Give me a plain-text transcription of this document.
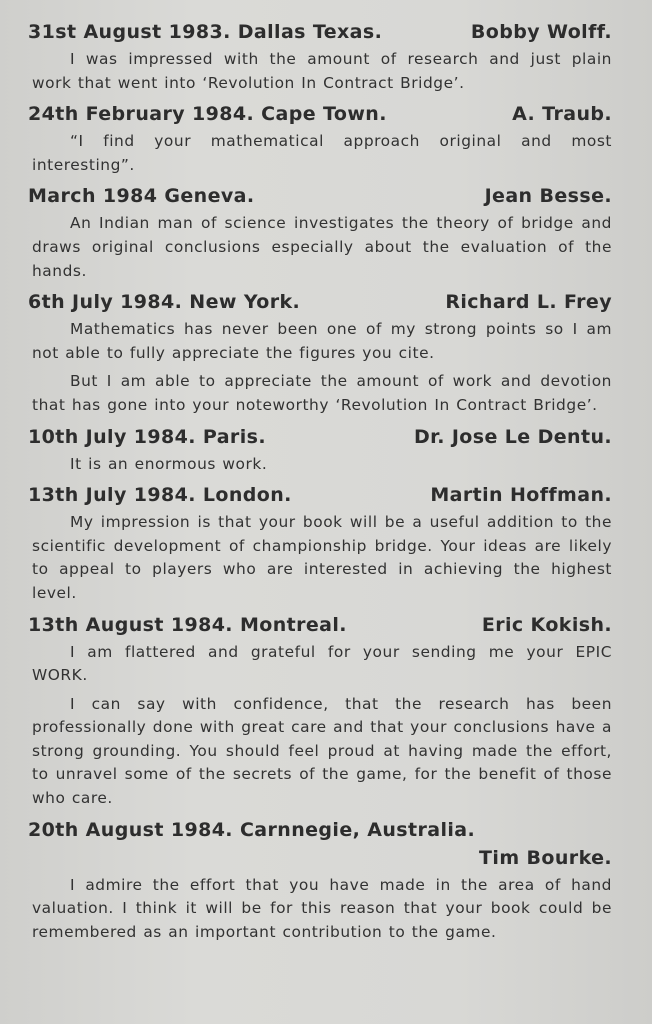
31st August 1983. Dallas Texas.	Bobby Wolff.

I was impressed with the amount of research and just plain work that went into ‘Revolution In Contract Bridge’.

24th February 1984. Cape Town.	A. Traub.

“I find your mathematical approach original and most interesting”.

March 1984 Geneva.	Jean Besse.

An Indian man of science investigates the theory of bridge and draws original conclusions especially about the evaluation of the hands.

6th July 1984. New York.	Richard L. Frey

Mathematics has never been one of my strong points so I am not able to fully appreciate the figures you cite.

But I am able to appreciate the amount of work and devotion that has gone into your noteworthy ‘Revolution In Contract Bridge’.

10th July 1984. Paris.	Dr. Jose Le Dentu.

It is an enormous work.

13th July 1984. London.	Martin Hoffman.

My impression is that your book will be a useful addition to the scientific development of championship bridge. Your ideas are likely to appeal to players who are interested in achieving the highest level.

13th August 1984. Montreal.	Eric Kokish.

I am flattered and grateful for your sending me your EPIC WORK.

I can say with confidence, that the research has been professionally done with great care and that your conclusions have a strong grounding. You should feel proud at having made the effort, to unravel some of the secrets of the game, for the benefit of those who care.

20th August 1984. Carnnegie, Australia.
Tim Bourke.

I admire the effort that you have made in the area of hand valuation. I think it will be for this reason that your book could be remembered as an important contribution to the game.
